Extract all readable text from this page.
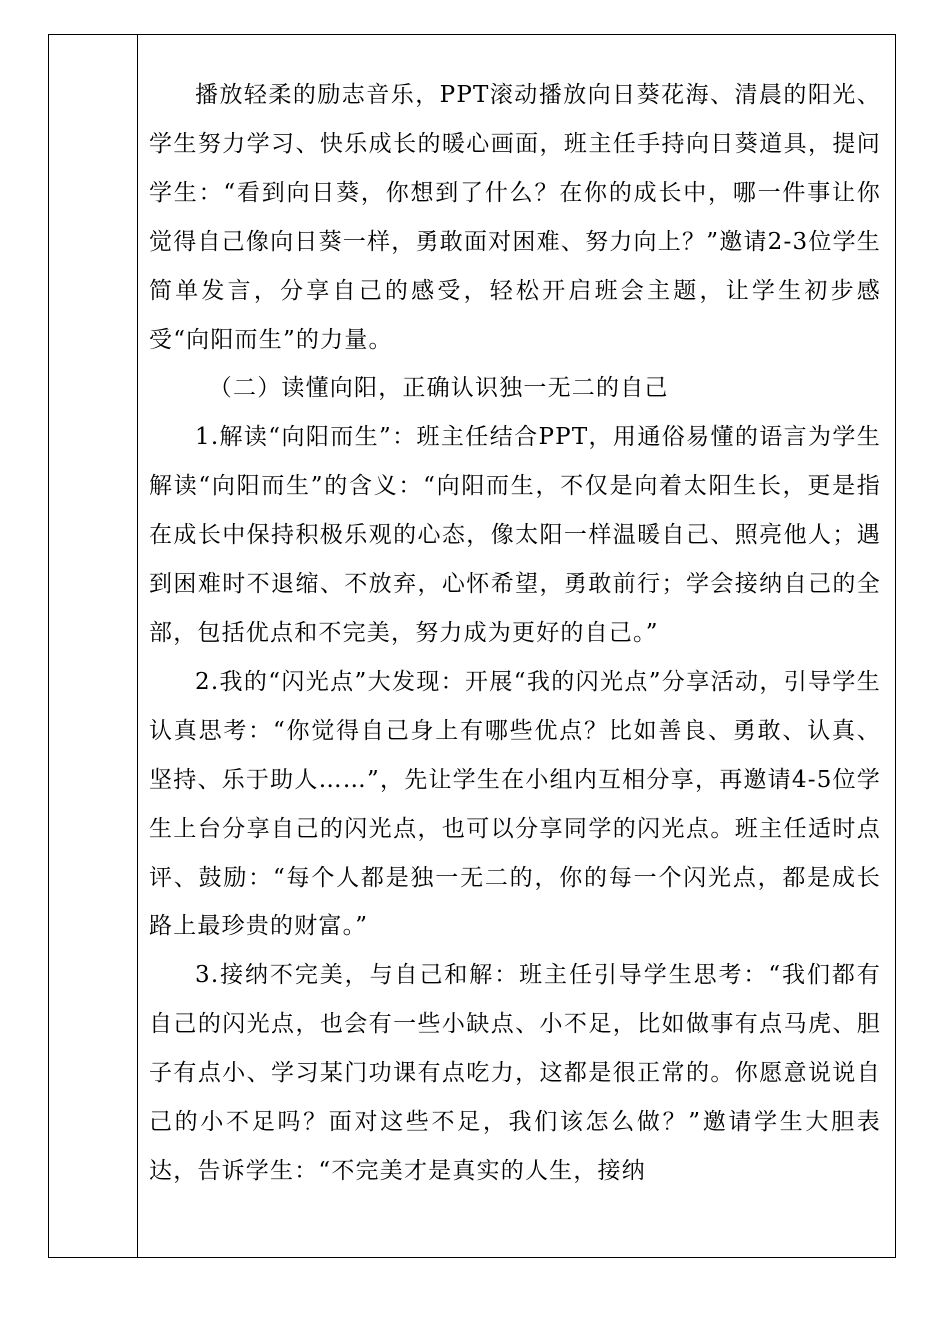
播放轻柔的励志音乐，PPT滚动播放向日葵花海、清晨的阳光、学生努力学习、快乐成长的暖心画面，班主任手持向日葵道具，提问学生：“看到向日葵，你想到了什么？在你的成长中，哪一件事让你觉得自己像向日葵一样，勇敢面对困难、努力向上？”邀请2-3位学生简单发言，分享自己的感受，轻松开启班会主题，让学生初步感受“向阳而生”的力量。

（二）读懂向阳，正确认识独一无二的自己

1.解读“向阳而生”：班主任结合PPT，用通俗易懂的语言为学生解读“向阳而生”的含义：“向阳而生，不仅是向着太阳生长，更是指在成长中保持积极乐观的心态，像太阳一样温暖自己、照亮他人；遇到困难时不退缩、不放弃，心怀希望，勇敢前行；学会接纳自己的全部，包括优点和不完美，努力成为更好的自己。”

2.我的“闪光点”大发现：开展“我的闪光点”分享活动，引导学生认真思考：“你觉得自己身上有哪些优点？比如善良、勇敢、认真、坚持、乐于助人……”，先让学生在小组内互相分享，再邀请4-5位学生上台分享自己的闪光点，也可以分享同学的闪光点。班主任适时点评、鼓励：“每个人都是独一无二的，你的每一个闪光点，都是成长路上最珍贵的财富。”

3.接纳不完美，与自己和解：班主任引导学生思考：“我们都有自己的闪光点，也会有一些小缺点、小不足，比如做事有点马虎、胆子有点小、学习某门功课有点吃力，这都是很正常的。你愿意说说自己的小不足吗？面对这些不足，我们该怎么做？”邀请学生大胆表达，告诉学生：“不完美才是真实的人生，接纳
